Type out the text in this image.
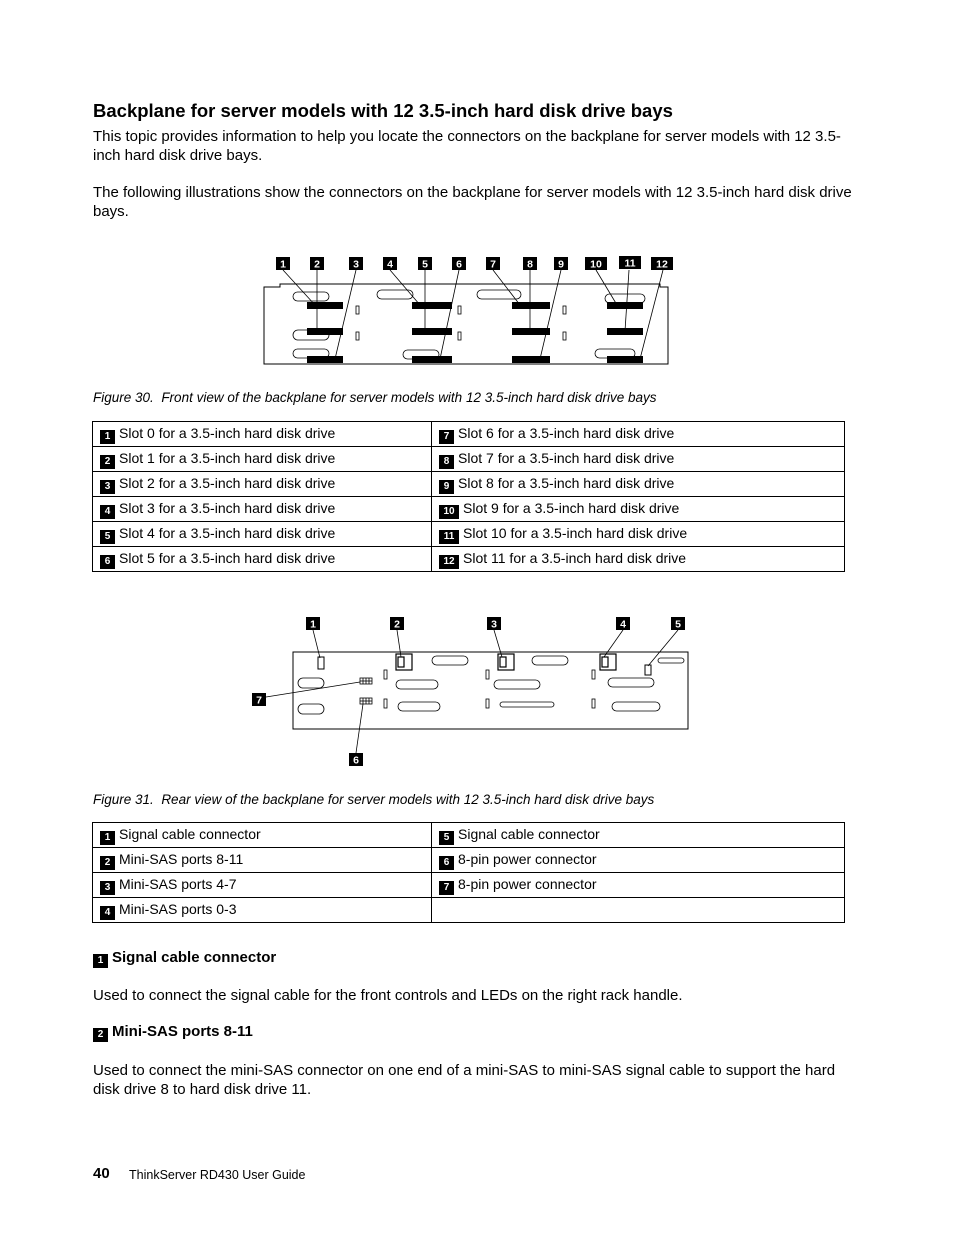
Backplane for server models with 12 3.5-inch hard disk drive bays

This topic provides information to help you locate the connectors on the backplane for server models with 12 3.5-inch hard disk drive bays.

The following illustrations show the connectors on the backplane for server models with 12 3.5-inch hard disk drive bays.

1	2	3	4	5	6	7	8 9 10 11 12

Figure 30. Front view of the backplane for server models with 12 3.5-inch hard disk drive bays

1 Slot 0 for a 3.5-inch hard disk drive	7 Slot 6 for a 3.5-inch hard disk drive
2 Slot 1 for a 3.5-inch hard disk drive	8 Slot 7 for a 3.5-inch hard disk drive
3 Slot 2 for a 3.5-inch hard disk drive	9 Slot 8 for a 3.5-inch hard disk drive
4 Slot 3 for a 3.5-inch hard disk drive	10 Slot 9 for a 3.5-inch hard disk drive
5 Slot 4 for a 3.5-inch hard disk drive	11 Slot 10 for a 3.5-inch hard disk drive
6 Slot 5 for a 3.5-inch hard disk drive	12 Slot 11 for a 3.5-inch hard disk drive
1	2	3	4	5
6
7

Figure 31. Rear view of the backplane for server models with 12 3.5-inch hard disk drive bays

1 Signal cable connector	5 Signal cable connector
2 Mini-SAS ports 8-11	6 8-pin power connector
3 Mini-SAS ports 4-7	7 8-pin power connector
4 Mini-SAS ports 0-3	

1 Signal cable connector

Used to connect the signal cable for the front controls and LEDs on the right rack handle.

2 Mini-SAS ports 8-11

Used to connect the mini-SAS connector on one end of a mini-SAS to mini-SAS signal cable to support the hard disk drive 8 to hard disk drive 11.

40 ThinkServer RD430 User Guide
